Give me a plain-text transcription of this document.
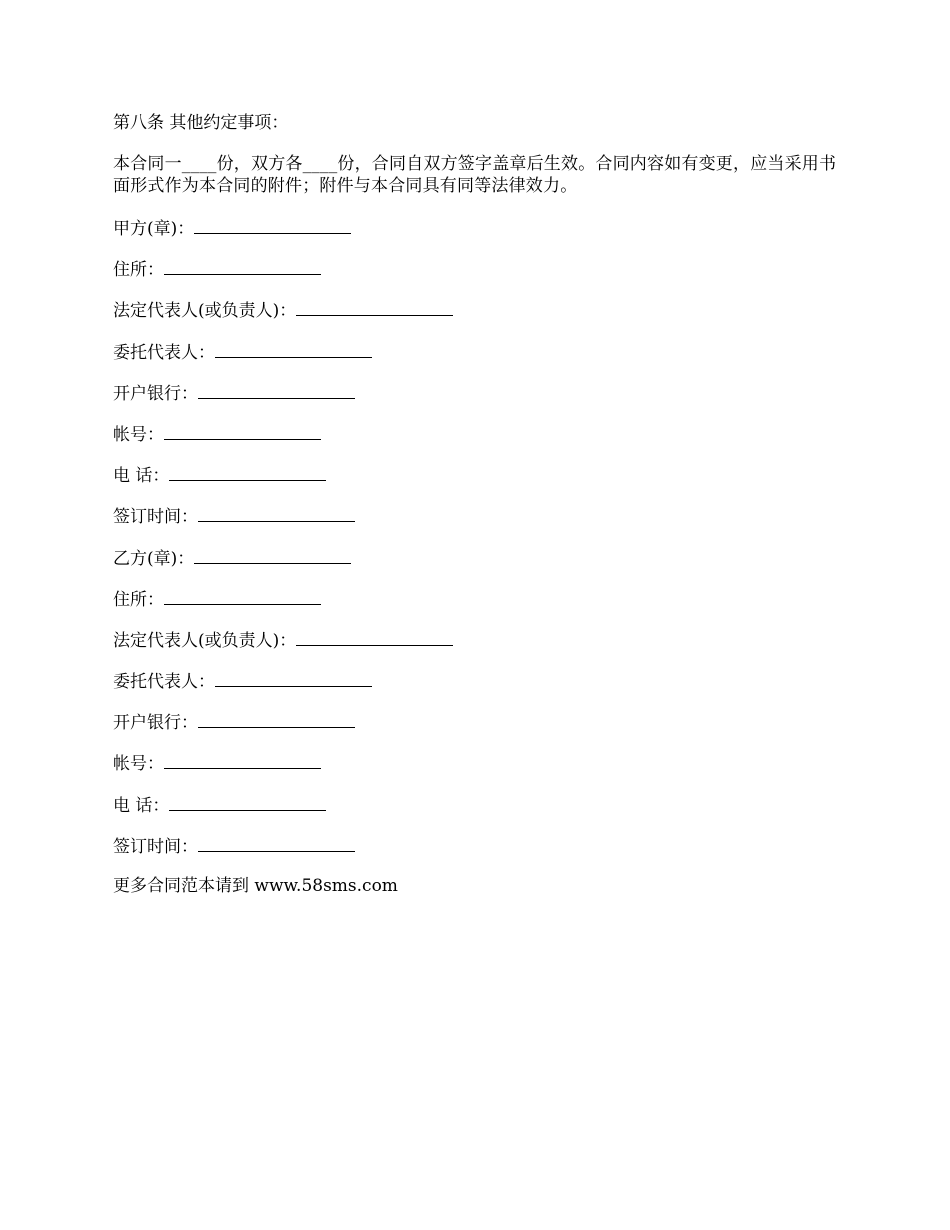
第八条 其他约定事项：
本合同一____份，双方各____份，合同自双方签字盖章后生效。合同内容如有变更，应当采用书面形式作为本合同的附件；附件与本合同具有同等法律效力。
甲方(章)：
住所：
法定代表人(或负责人)：
委托代表人：
开户银行：
帐号：
电 话：
签订时间：
乙方(章)：
住所：
法定代表人(或负责人)：
委托代表人：
开户银行：
帐号：
电 话：
签订时间：
更多合同范本请到 www.58sms.com
